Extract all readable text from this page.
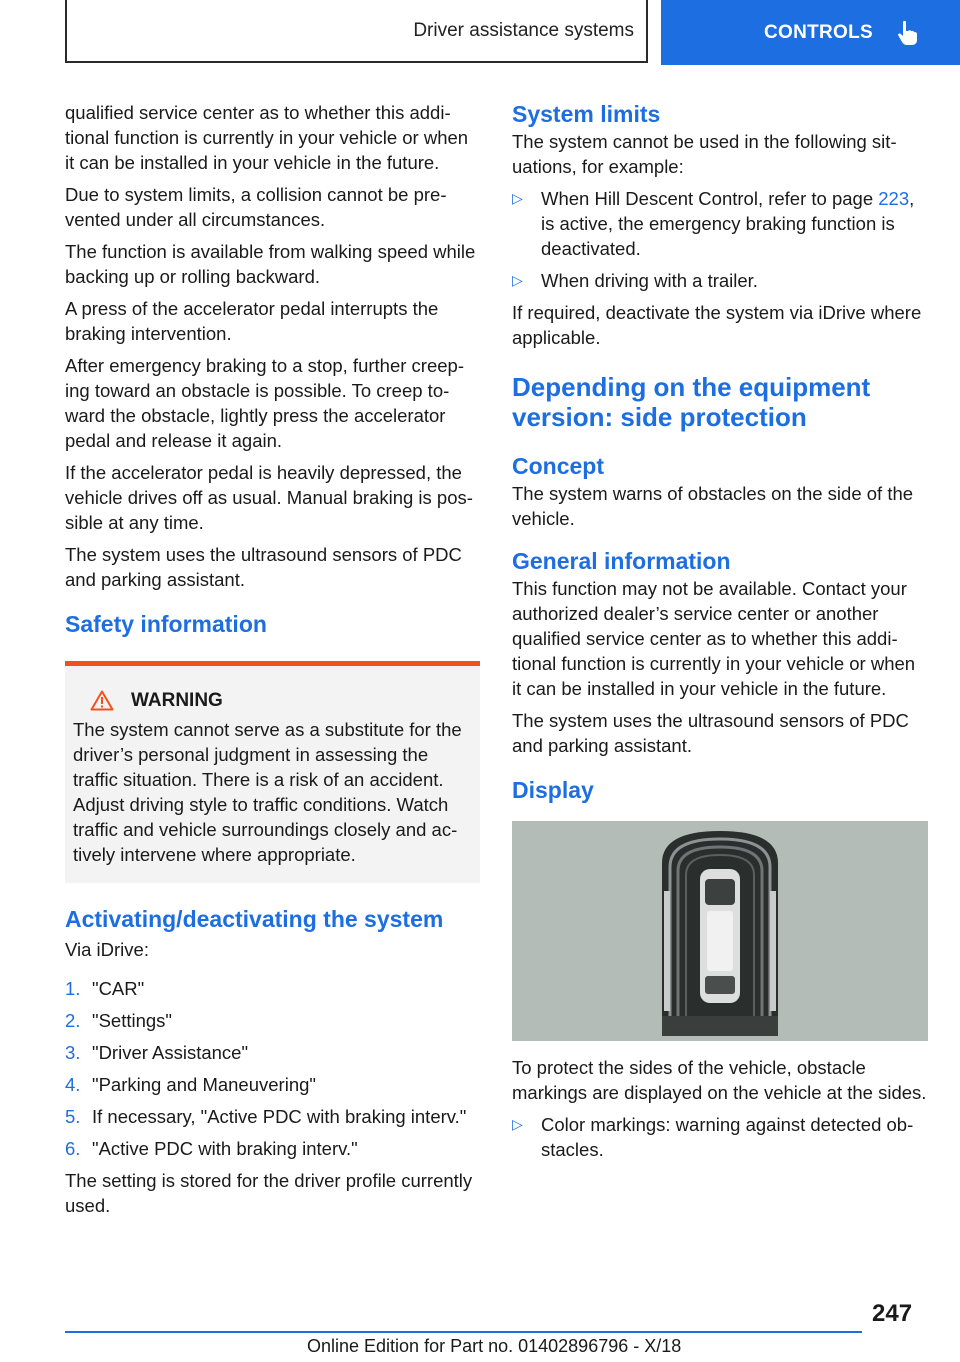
Driver assistance systems	CONTROLS

qualified service center as to whether this additional function is currently in your vehicle or when it can be installed in your vehicle in the future.

Due to system limits, a collision cannot be prevented under all circumstances.

The function is available from walking speed while backing up or rolling backward.

A press of the accelerator pedal interrupts the braking intervention.

After emergency braking to a stop, further creeping toward an obstacle is possible. To creep toward the obstacle, lightly press the accelerator pedal and release it again.

If the accelerator pedal is heavily depressed, the vehicle drives off as usual. Manual braking is possible at any time.

The system uses the ultrasound sensors of PDC and parking assistant.

Safety information
WARNING
The system cannot serve as a substitute for the driver’s personal judgment in assessing the traffic situation. There is a risk of an accident. Adjust driving style to traffic conditions. Watch traffic and vehicle surroundings closely and actively intervene where appropriate.
Activating/deactivating the system

Via iDrive:

1. "CAR"
2. "Settings"
3. "Driver Assistance"
4. "Parking and Maneuvering"
5. If necessary, "Active PDC with braking interv."
6. "Active PDC with braking interv."

The setting is stored for the driver profile currently used.

System limits

The system cannot be used in the following situations, for example:

▷ When Hill Descent Control, refer to page 223, is active, the emergency braking function is deactivated.
▷ When driving with a trailer.

If required, deactivate the system via iDrive where applicable.

Depending on the equipment version: side protection
Concept

The system warns of obstacles on the side of the vehicle.

General information

This function may not be available. Contact your authorized dealer’s service center or another qualified service center as to whether this additional function is currently in your vehicle or when it can be installed in your vehicle in the future.

The system uses the ultrasound sensors of PDC and parking assistant.

Display

To protect the sides of the vehicle, obstacle markings are displayed on the vehicle at the sides.

▷ Color markings: warning against detected obstacles.
247
Online Edition for Part no. 01402896796 - X/18
